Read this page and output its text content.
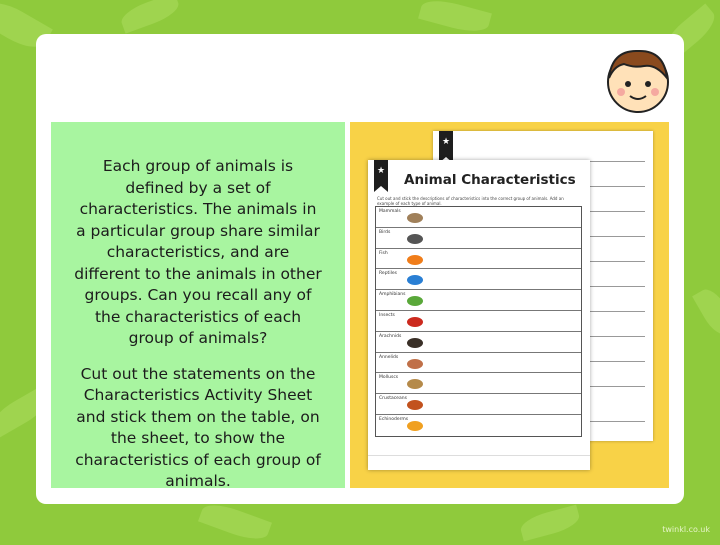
Each group of animals is defined by a set of characteristics. The animals in a particular group share similar characteristics, and are different to the animals in other groups. Can you recall any of the characteristics of each group of animals?

Cut out the statements on the Characteristics Activity Sheet and stick them on the table, on the sheet, to show the characteristics of each group of animals.

★
★
Animal Characteristics
Cut out and stick the descriptions of characteristics into the correct group of animals. Add an example of each type of animal.
Mammals
Birds
Fish
Reptiles
Amphibians
Insects
Arachnids
Annelids
Molluscs
Crustaceans
Echinoderms
twinkl.co.uk
